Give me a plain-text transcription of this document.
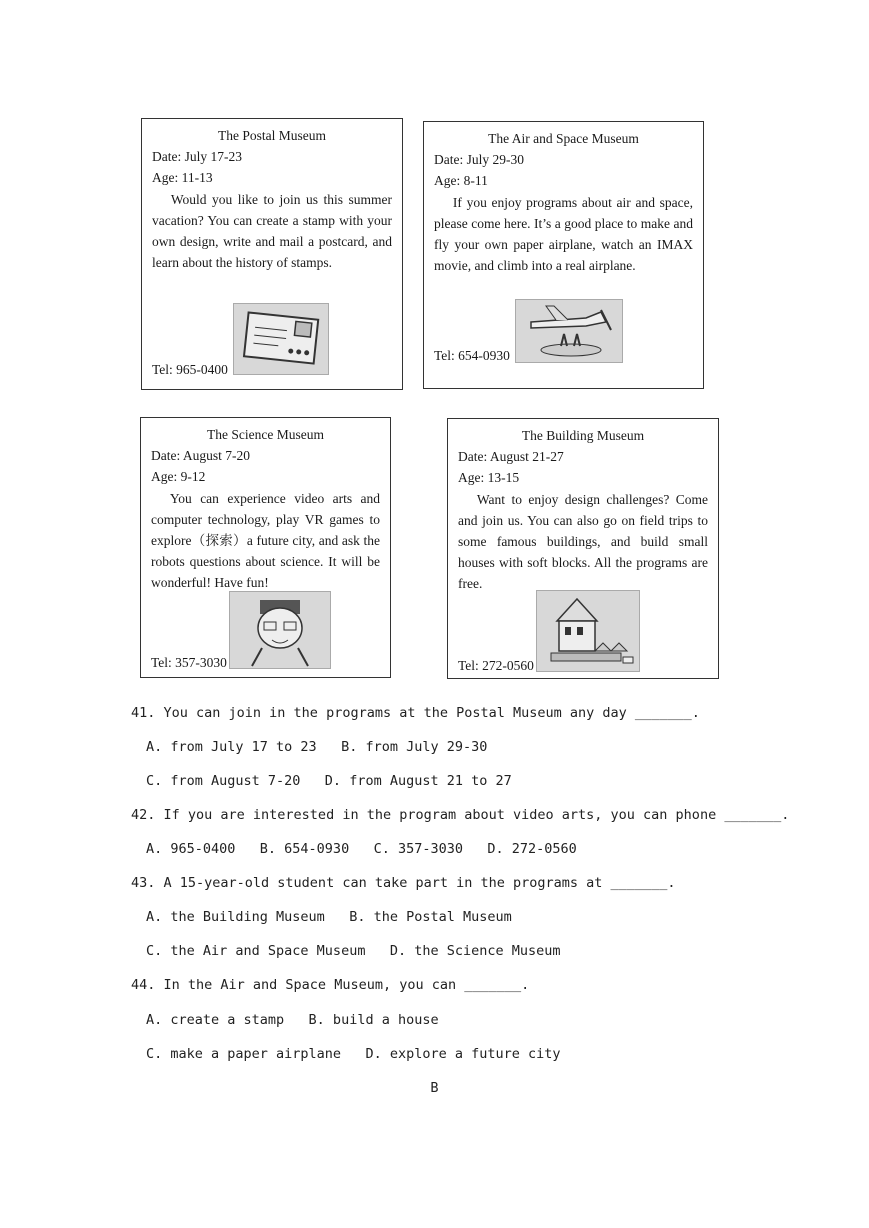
The Postal Museum
Date: July 17-23
Age: 11-13
Would you like to join us this summer vacation? You can create a stamp with your own design, write and mail a postcard, and learn about the history of stamps.
Tel: 965-0400
The Air and Space Museum
Date: July 29-30
Age: 8-11
If you enjoy programs about air and space, please come here. It’s a good place to make and fly your own paper airplane, watch an IMAX movie, and climb into a real airplane.
Tel: 654-0930
The Science Museum
Date: August 7-20
Age: 9-12
You can experience video arts and computer technology, play VR games to explore（探索）a future city, and ask the robots questions about science. It will be wonderful! Have fun!
Tel: 357-3030
The Building Museum
Date: August 21-27
Age: 13-15
Want to enjoy design challenges? Come and join us. You can also go on field trips to some famous buildings, and build small houses with soft blocks. All the programs are free.
Tel: 272-0560
41. You can join in the programs at the Postal Museum any day _______.
A. from July 17 to 23   B. from July 29-30
C. from August 7-20   D. from August 21 to 27
42. If you are interested in the program about video arts, you can phone _______.
A. 965-0400   B. 654-0930   C. 357-3030   D. 272-0560
43. A 15-year-old student can take part in the programs at _______.
A. the Building Museum   B. the Postal Museum
C. the Air and Space Museum   D. the Science Museum
44. In the Air and Space Museum, you can _______.
A. create a stamp   B. build a house
C. make a paper airplane   D. explore a future city
B
